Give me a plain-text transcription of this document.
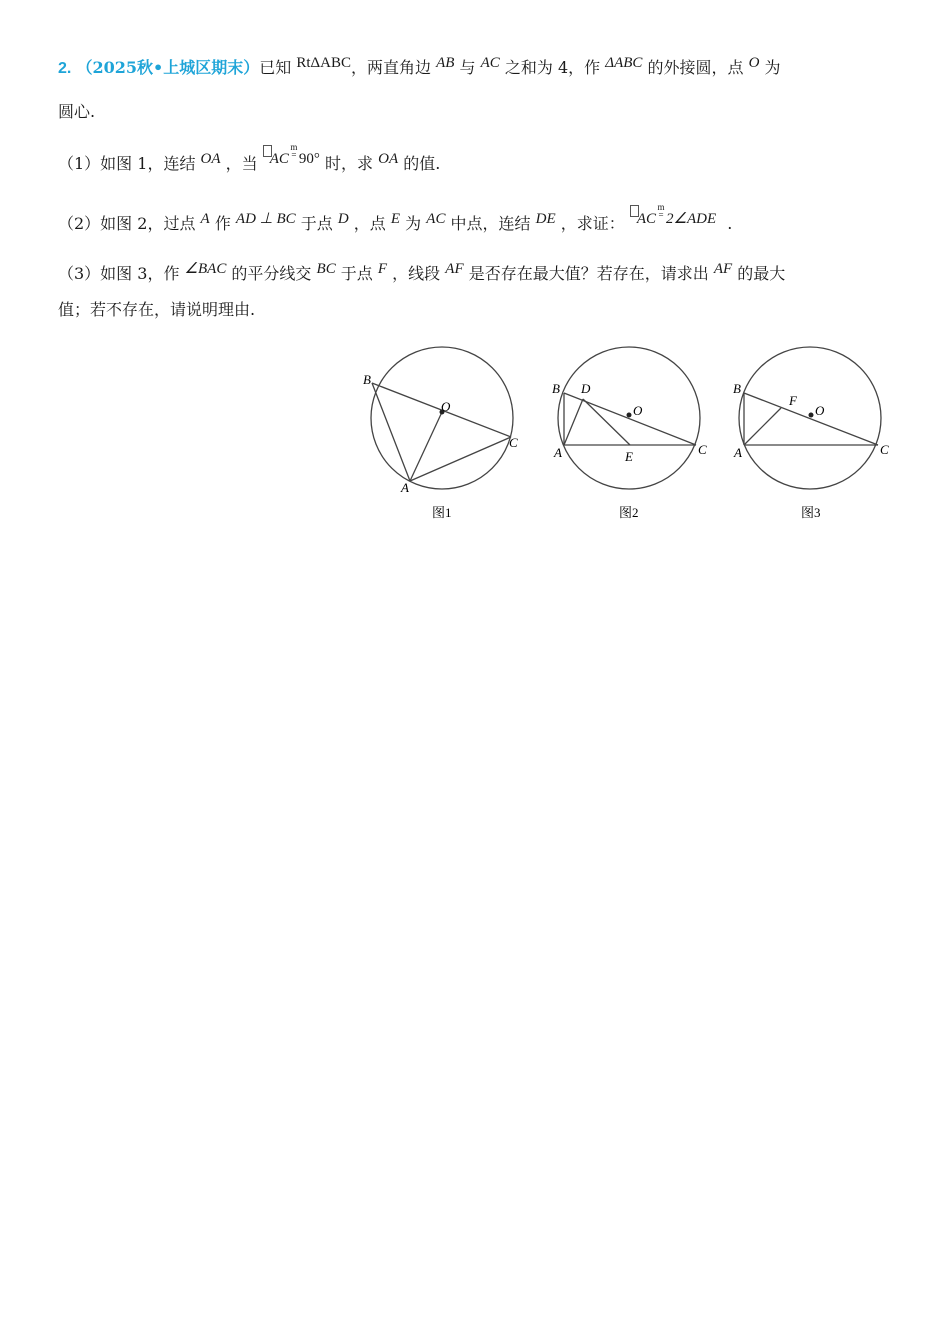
2. （2025秋•上城区期末）已知 RtΔABC，两直角边 AB 与 AC 之和为 4，作 ΔABC 的外接圆，点 O 为
圆心.
（1）如图 1，连结 OA ，当 ACm
= 90° 时，求 OA 的值.
（2）如图 2，过点 A 作 AD ⊥ BC 于点 D ，点 E 为 AC 中点，连结 DE ，求证： ACm
= 2∠ADE .
（3）如图 3，作 ∠BAC 的平分线交 BC 于点 F ，线段 AF 是否存在最大值？若存在，请求出 AF 的最大
值；若不存在，请说明理由.
B
O
C
A
图1
B D
O
C
A	E
图2
B
F
O
C
A
图3
